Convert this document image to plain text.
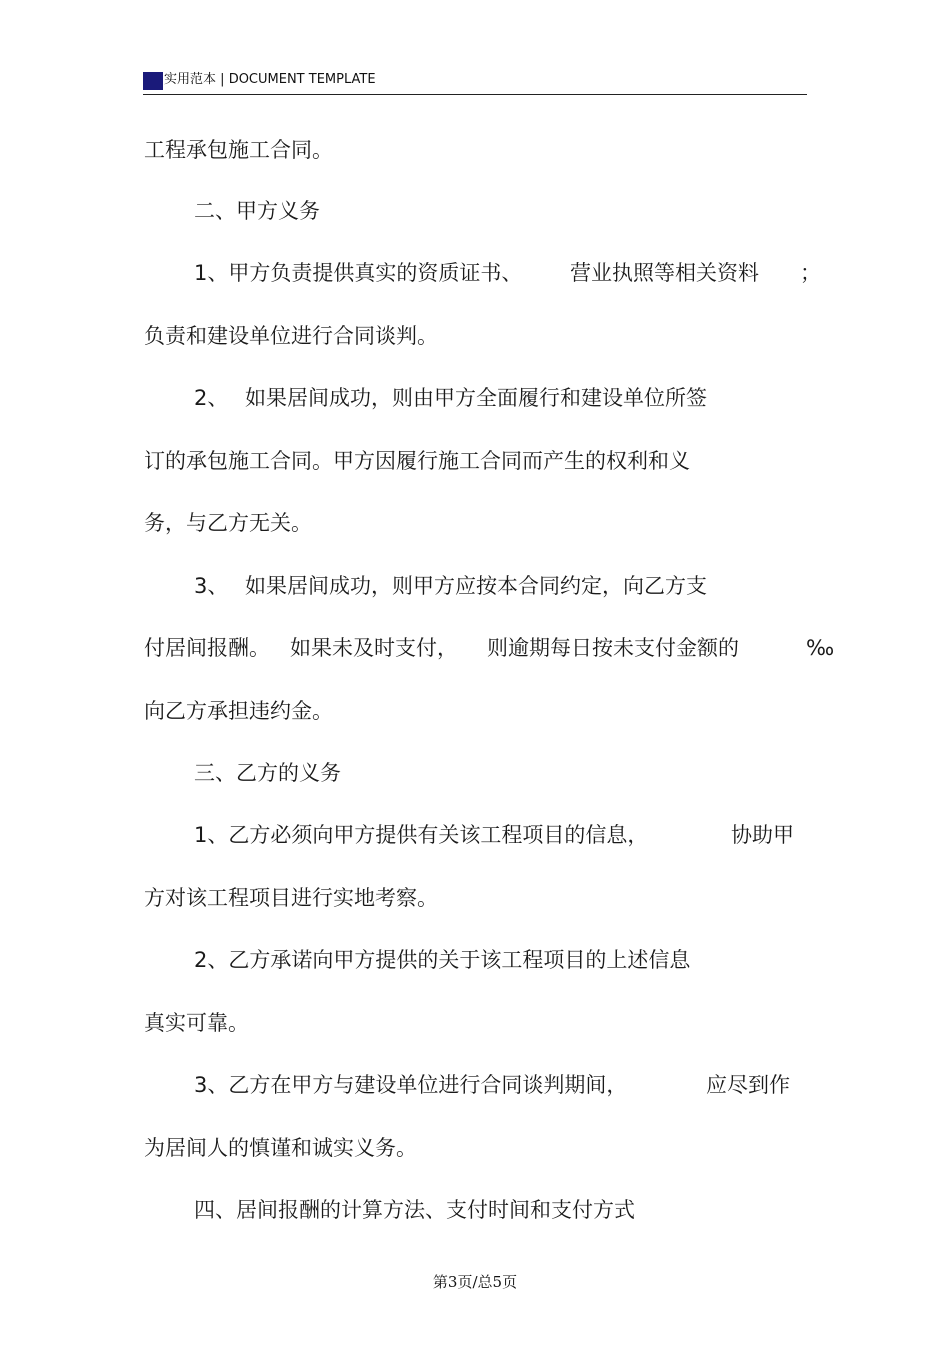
实用范本 | DOCUMENT TEMPLATE
工程承包施工合同。
二、甲方义务
1、甲方负责提供真实的资质证书、 营业执照等相关资料 ；
负责和建设单位进行合同谈判。
2、 如果居间成功，则由甲方全面履行和建设单位所签
订的承包施工合同。甲方因履行施工合同而产生的权利和义
务，与乙方无关。
3、 如果居间成功，则甲方应按本合同约定，向乙方支
付居间报酬。 如果未及时支付， 则逾期每日按未支付金额的	‰
向乙方承担违约金。
三、乙方的义务
1、乙方必须向甲方提供有关该工程项目的信息，	协助甲
方对该工程项目进行实地考察。
2、乙方承诺向甲方提供的关于该工程项目的上述信息
真实可靠。
3、乙方在甲方与建设单位进行合同谈判期间，	应尽到作
为居间人的慎谨和诚实义务。
四、居间报酬的计算方法、支付时间和支付方式
第3页/总5页
